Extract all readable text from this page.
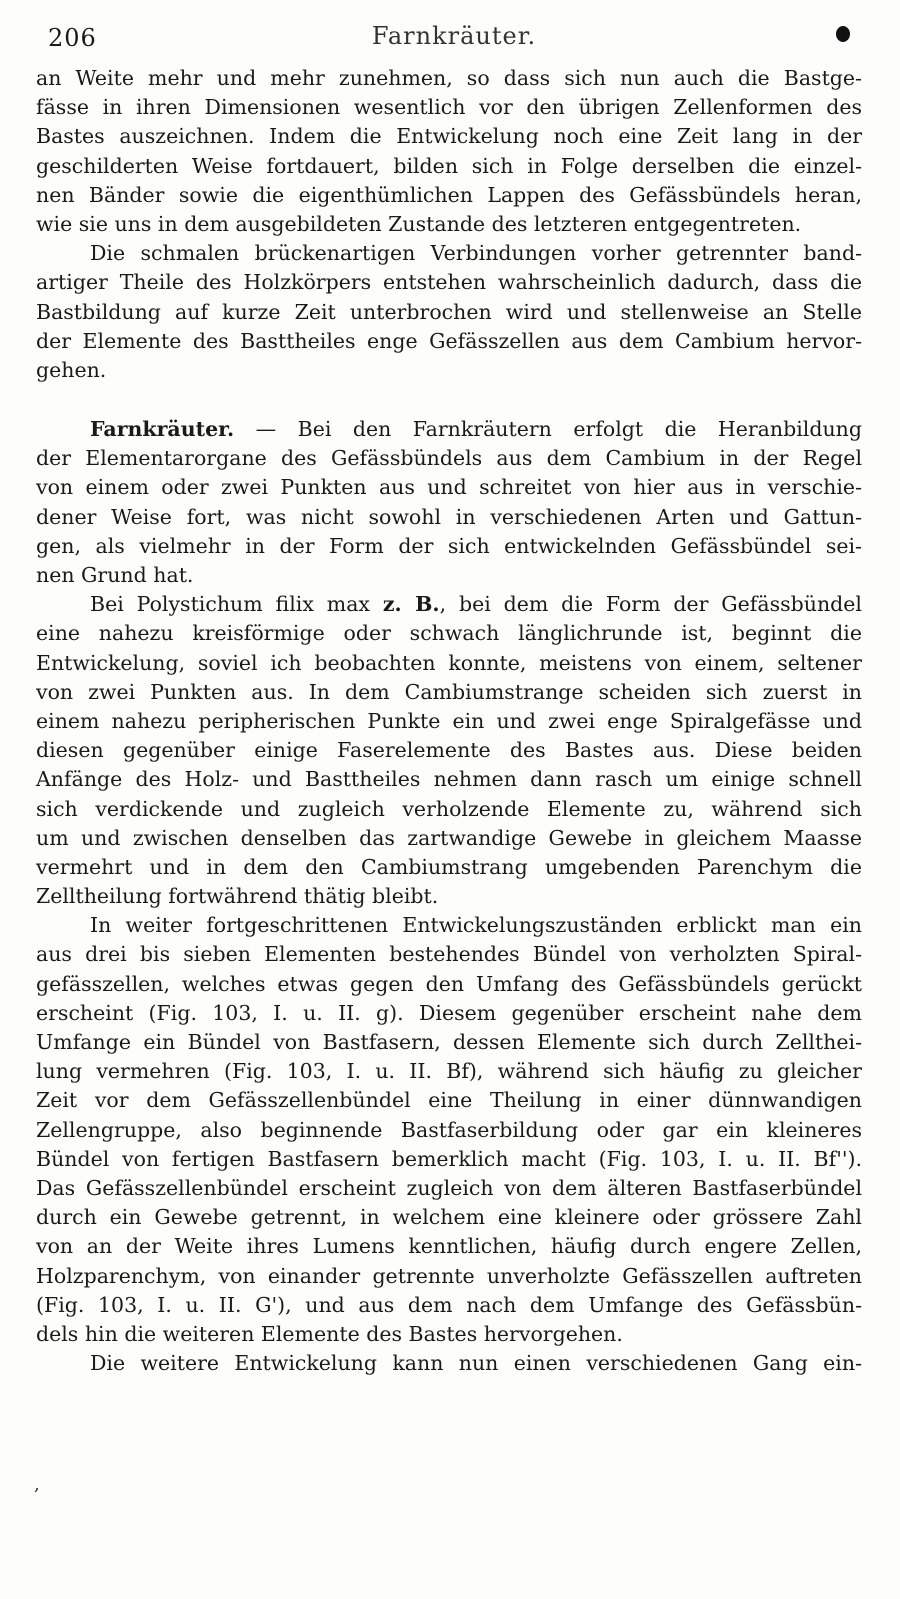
206	Farnkräuter.
an Weite mehr und mehr zunehmen, so dass sich nun auch die Bastge-
fässe in ihren Dimensionen wesentlich vor den übrigen Zellenformen des
Bastes auszeichnen. Indem die Entwickelung noch eine Zeit lang in der
geschilderten Weise fortdauert, bilden sich in Folge derselben die einzel-
nen Bänder sowie die eigenthümlichen Lappen des Gefässbündels heran,
wie sie uns in dem ausgebildeten Zustande des letzteren entgegentreten.
Die schmalen brückenartigen Verbindungen vorher getrennter band-
artiger Theile des Holzkörpers entstehen wahrscheinlich dadurch, dass die
Bastbildung auf kurze Zeit unterbrochen wird und stellenweise an Stelle
der Elemente des Basttheiles enge Gefässzellen aus dem Cambium hervor-
gehen.
Farnkräuter. — Bei den Farnkräutern erfolgt die Heranbildung
der Elementarorgane des Gefässbündels aus dem Cambium in der Regel
von einem oder zwei Punkten aus und schreitet von hier aus in verschie-
dener Weise fort, was nicht sowohl in verschiedenen Arten und Gattun-
gen, als vielmehr in der Form der sich entwickelnden Gefässbündel sei-
nen Grund hat.
Bei Polystichum filix max z. B., bei dem die Form der Gefässbündel
eine nahezu kreisförmige oder schwach länglichrunde ist, beginnt die
Entwickelung, soviel ich beobachten konnte, meistens von einem, seltener
von zwei Punkten aus. In dem Cambiumstrange scheiden sich zuerst in
einem nahezu peripherischen Punkte ein und zwei enge Spiralgefässe und
diesen gegenüber einige Faserelemente des Bastes aus. Diese beiden
Anfänge des Holz- und Basttheiles nehmen dann rasch um einige schnell
sich verdickende und zugleich verholzende Elemente zu, während sich
um und zwischen denselben das zartwandige Gewebe in gleichem Maasse
vermehrt und in dem den Cambiumstrang umgebenden Parenchym die
Zelltheilung fortwährend thätig bleibt.
In weiter fortgeschrittenen Entwickelungszuständen erblickt man ein
aus drei bis sieben Elementen bestehendes Bündel von verholzten Spiral-
gefässzellen, welches etwas gegen den Umfang des Gefässbündels gerückt
erscheint (Fig. 103, I. u. II. g). Diesem gegenüber erscheint nahe dem
Umfange ein Bündel von Bastfasern, dessen Elemente sich durch Zellthei-
lung vermehren (Fig. 103, I. u. II. Bf), während sich häufig zu gleicher
Zeit vor dem Gefässzellenbündel eine Theilung in einer dünnwandigen
Zellengruppe, also beginnende Bastfaserbildung oder gar ein kleineres
Bündel von fertigen Bastfasern bemerklich macht (Fig. 103, I. u. II. Bf'').
Das Gefässzellenbündel erscheint zugleich von dem älteren Bastfaserbündel
durch ein Gewebe getrennt, in welchem eine kleinere oder grössere Zahl
von an der Weite ihres Lumens kenntlichen, häufig durch engere Zellen,
Holzparenchym, von einander getrennte unverholzte Gefässzellen auftreten
(Fig. 103, I. u. II. G'), und aus dem nach dem Umfange des Gefässbün-
dels hin die weiteren Elemente des Bastes hervorgehen.
Die weitere Entwickelung kann nun einen verschiedenen Gang ein-
,
